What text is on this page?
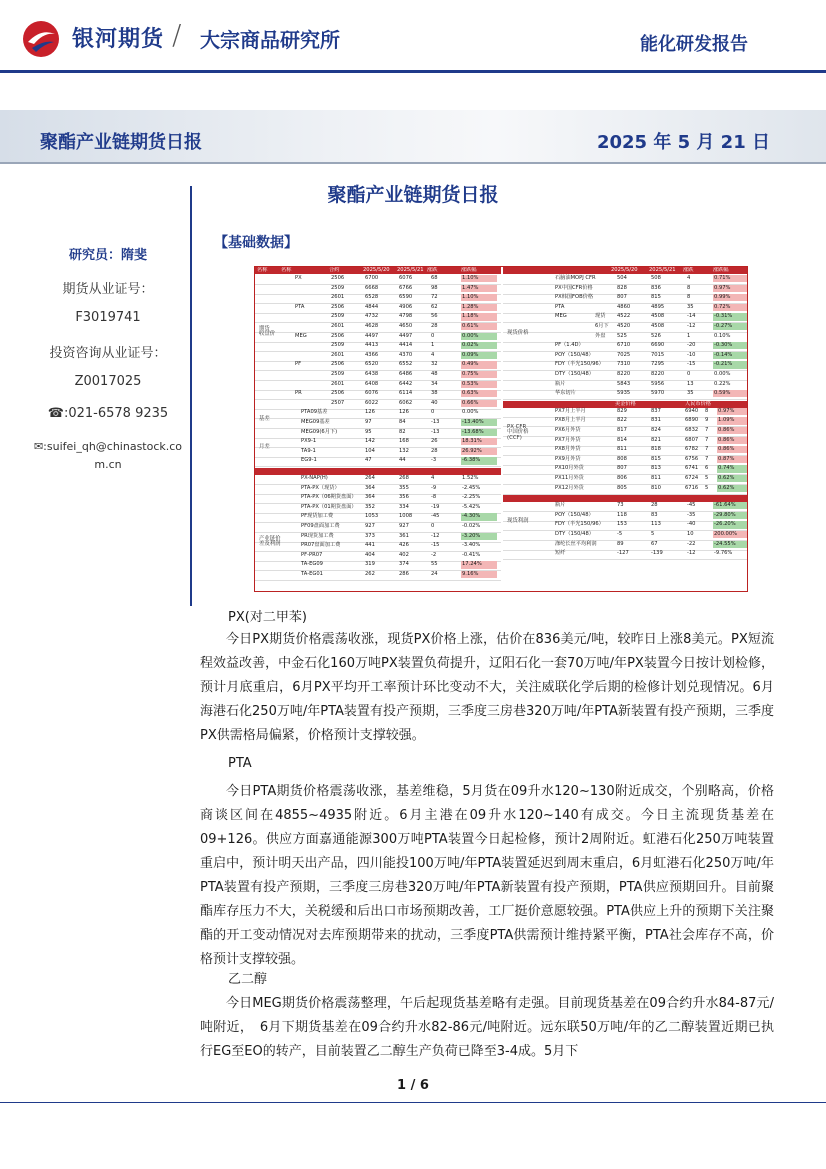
银河期货 / 大宗商品研究所	能化研发报告
聚酯产业链期货日报	2025 年 5 月 21 日
聚酯产业链期货日报
研究员：隋斐
期货从业证号：
F3019741
投资咨询从业证号：
Z0017025
☎:021-6578 9235
✉:suifei_qh@chinastock.co
m.cn
【基础数据】
名称	名称	合约	2025/5/20 2025/5/21 涨跌	涨跌幅	2025/5/20 2025/5/21 涨跌	涨跌幅
PX	2506	6700	6076	68	1.10%
2509	6668	6766	98	1.47%
2601	6528	6590	72	1.10%
PTA	2506	4844	4906	62	1.28%
2509	4732	4798	56	1.18%
2601	4628	4650	28	0.61%
MEG	2506	4497	4497	0	0.00%
2509	4413	4414	1	0.02%
2601	4366	4370	4	0.09%
PF	2506	6520	6552	32	0.49%
2509	6438	6486	48	0.75%
2601	6408	6442	34	0.53%
PR	2506	6076	6114	38	0.63%
2507	6022	6062	40	0.66%
PTA09基差	126	126	0	0.00%
MEG09基差	97	84	-13	-13.40%
MEG09(6月下)	95	82	-13	-13.68%
PX9-1	142	168	26	18.31%
TA9-1	104	132	28	26.92%
EG9-1	47	44	-3	-6.38%
PX-NAP(H)	264	268	4	1.52%
PTA-PX（现货）	364	355	-9	-2.45%
PTA-PX（06期货盘面） 364	356	-8	-2.25%
PTA-PX（01期货盘面） 352	334	-19	-5.42%
PF现货加工费	1053	1008	-45	-4.30%
PF09盘面加工费	927	927	0	-0.02%
PR现货加工费	373	361	-12	-3.20%
PR07盘面加工费	441	426	-15	-3.40%
PF-PR07	404	402	-2	-0.41%
TA-EG09	319	374	55	17.24%
TA-EG01	262	286	24	9.16%
期货
收盘价
基差
月差
产业链价
差及利润
石脑油MOPJ CFR	504	508	4	0.71%
PX中国CFR价格	828	836	8	0.97%
PX韩国FOB价格	807	815	8	0.99%
PTA	4860	4895	35	0.72%
MEG	现货 4522	4508	-14	-0.31%
6月下 4520	4508	-12	-0.27%
外盘 525	526	1	0.10%
PF（1.4D）	6710	6690	-20	-0.30%
POY（150/48）	7025	7015	-10	-0.14%
FDY（半光150/96）	7310	7295	-15	-0.21%
DTY（150/48）	8220	8220	0	0.00%
瓶片	5843	5956	13	0.22%
华东切片	5935	5970	35	0.59%
美金价格	人民币价格
PX7月上半月	829	837	6940 8 0.97%
PX8月上半月	822	831	6890 9 1.09%
PX6月外货	817	824	6832 7 0.86%
PX7月外货	814	821	6807 7 0.86%
PX8月外货	811	818	6782 7 0.86%
PX9月外货	808	815	6756 7 0.87%
PX10月外货	807	813	6741 6 0.74%
PX11月外货	806	811	6724 5 0.62%
PX12月外货	805	810	6716 5 0.62%
瓶片	73	28	-45	-61.64%
POY（150/48）	118	83	-35	-29.80%
FDY（半光150/96）	153	113	-40	-26.20%
DTY（150/48）	-5	5	10	200.00%
涤纶长丝平均利润	89	67	-22	-24.55%
短纤	-127	-139	-12	-9.76%
现货价格
PX CFR
中国价格
(CCF)
现货利润
PX(对二甲苯)
今日PX期货价格震荡收涨，现货PX价格上涨，估价在836美元/吨，较昨日上涨8美元。PX短流程效益改善，中金石化160万吨PX装置负荷提升，辽阳石化一套70万吨/年PX装置今日按计划检修，预计月底重启，6月PX平均开工率预计环比变动不大，关注威联化学后期的检修计划兑现情况。6月海港石化250万吨/年PTA装置有投产预期，三季度三房巷320万吨/年PTA新装置有投产预期，三季度PX供需格局偏紧，价格预计支撑较强。
PTA
今日PTA期货价格震荡收涨，基差维稳，5月货在09升水120~130附近成交，个别略高，价格商谈区间在4855~4935附近。6月主港在09升水120~140有成交。今日主流现货基差在09+126。供应方面嘉通能源300万吨PTA装置今日起检修，预计2周附近。虹港石化250万吨装置重启中，预计明天出产品，四川能投100万吨/年PTA装置延迟到周末重启，6月虹港石化250万吨/年PTA装置有投产预期，三季度三房巷320万吨/年PTA新装置有投产预期，PTA供应预期回升。目前聚酯库存压力不大，关税缓和后出口市场预期改善，工厂挺价意愿较强。PTA供应上升的预期下关注聚酯的开工变动情况对去库预期带来的扰动，三季度PTA供需预计维持紧平衡，PTA社会库存不高，价格预计支撑较强。
乙二醇
今日MEG期货价格震荡整理，午后起现货基差略有走强。目前现货基差在09合约升水84-87元/吨附近，　6月下期货基差在09合约升水82-86元/吨附近。远东联50万吨/年的乙二醇装置近期已执行EG至EO的转产，目前装置乙二醇生产负荷已降至3-4成。5月下
1 / 6
